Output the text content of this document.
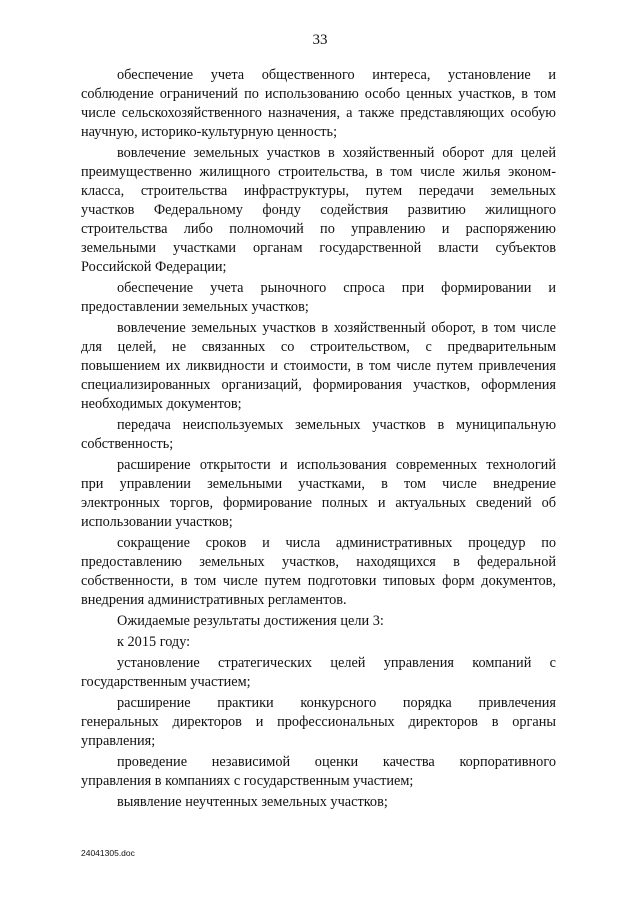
33

обеспечение учета общественного интереса, установление и
соблюдение ограничений по использованию особо ценных участков, в том
числе сельскохозяйственного назначения, а также представляющих особую
научную, историко-культурную ценность;

вовлечение земельных участков в хозяйственный оборот для целей
преимущественно жилищного строительства, в том числе жилья эконом-
класса, строительства инфраструктуры, путем передачи земельных
участков Федеральному фонду содействия развитию жилищного
строительства либо полномочий по управлению и распоряжению
земельными участками органам государственной власти субъектов
Российской Федерации;

обеспечение учета рыночного спроса при формировании и
предоставлении земельных участков;

вовлечение земельных участков в хозяйственный оборот, в том числе
для целей, не связанных со строительством, с предварительным
повышением их ликвидности и стоимости, в том числе путем привлечения
специализированных организаций, формирования участков, оформления
необходимых документов;

передача неиспользуемых земельных участков в муниципальную
собственность;

расширение открытости и использования современных технологий
при управлении земельными участками, в том числе внедрение
электронных торгов, формирование полных и актуальных сведений об
использовании участков;

сокращение сроков и числа административных процедур по
предоставлению земельных участков, находящихся в федеральной
собственности, в том числе путем подготовки типовых форм документов,
внедрения административных регламентов.

Ожидаемые результаты достижения цели 3:

к 2015 году:

установление стратегических целей управления компаний с
государственным участием;

расширение практики конкурсного порядка привлечения
генеральных директоров и профессиональных директоров в органы
управления;

проведение независимой оценки качества корпоративного
управления в компаниях с государственным участием;

выявление неучтенных земельных участков;

24041305.doc
